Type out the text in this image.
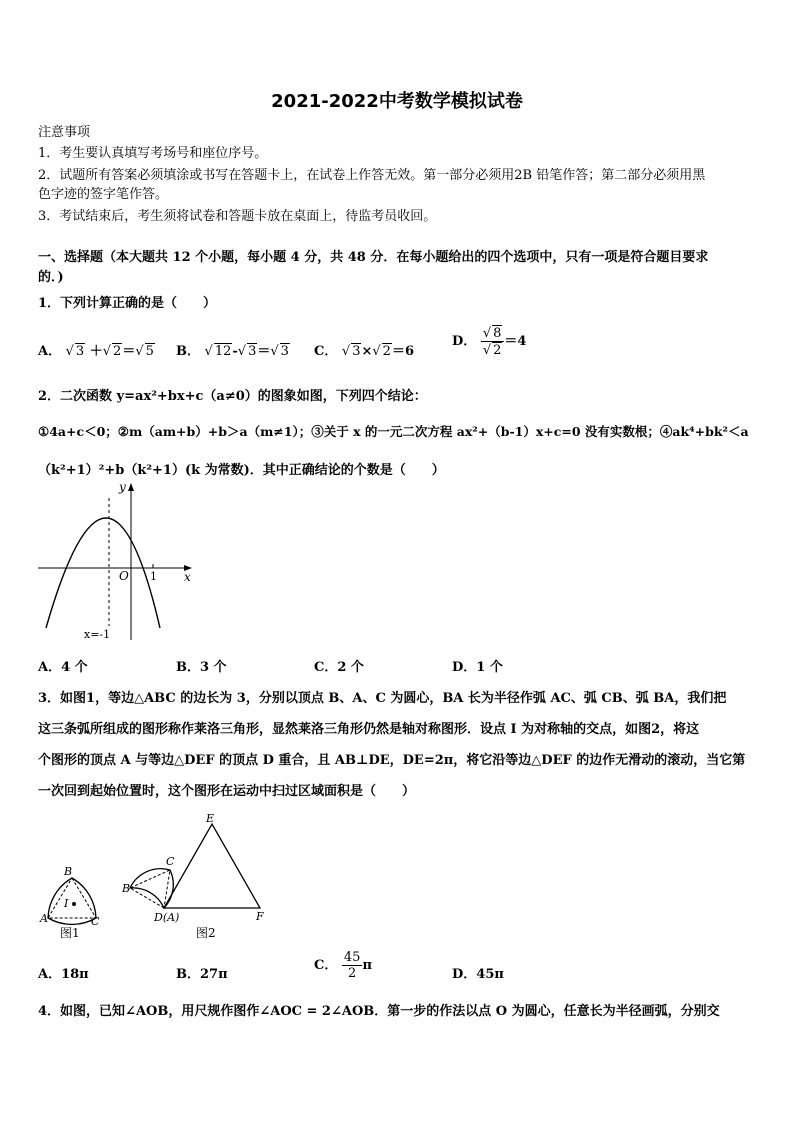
2021-2022中考数学模拟试卷
注意事项
1．考生要认真填写考场号和座位序号。
2．试题所有答案必须填涂或书写在答题卡上，在试卷上作答无效。第一部分必须用2B 铅笔作答；第二部分必须用黑
色字迹的签字笔作答。
3．考试结束后，考生须将试卷和答题卡放在桌面上，待监考员收回。
一、选择题（本大题共 12 个小题，每小题 4 分，共 48 分．在每小题给出的四个选项中，只有一项是符合题目要求
的．)
1．下列计算正确的是（　　）
A． √ 3 ＋√ 2＝√ 5 B． √ 12-√ 3＝√ 3 C． √ 3×√ 2＝6
D． $\frac{√ 8}{√ 2} =4$
2．二次函数 y=ax²+bx+c（a≠0）的图象如图，下列四个结论：
①4a+c＜0；②m（am+b）+b＞a（m≠1）；③关于 x 的一元二次方程 ax²+（b-1）x+c=0 没有实数根；④ak⁴+bk²＜a
（k²+1）²+b（k²+1）(k 为常数)．其中正确结论的个数是（　　）
y
x
O 1
x=-1
A．4 个	B．3 个	C．2 个	D．1 个
3．如图1，等边△ABC 的边长为 3，分别以顶点 B、A、C 为圆心，BA 长为半径作弧 AC、弧 CB、弧 BA，我们把
这三条弧所组成的图形称作莱洛三角形，显然莱洛三角形仍然是轴对称图形．设点 I 为对称轴的交点，如图2，将这
个图形的顶点 A 与等边△DEF 的顶点 D 重合，且 AB⊥DE，DE=2π，将它沿等边△DEF 的边作无滑动的滚动，当它第
一次回到起始位置时，这个图形在运动中扫过区域面积是（　　）
B
A	C
I
图1
E
C
B
D(A)	F
图2
A．18π	B．27π
C． $\frac{45}{2}$ π
D．45π
4．如图，已知∠AOB，用尺规作图作∠AOC = 2∠AOB．第一步的作法以点 O 为圆心，任意长为半径画弧，分别交
